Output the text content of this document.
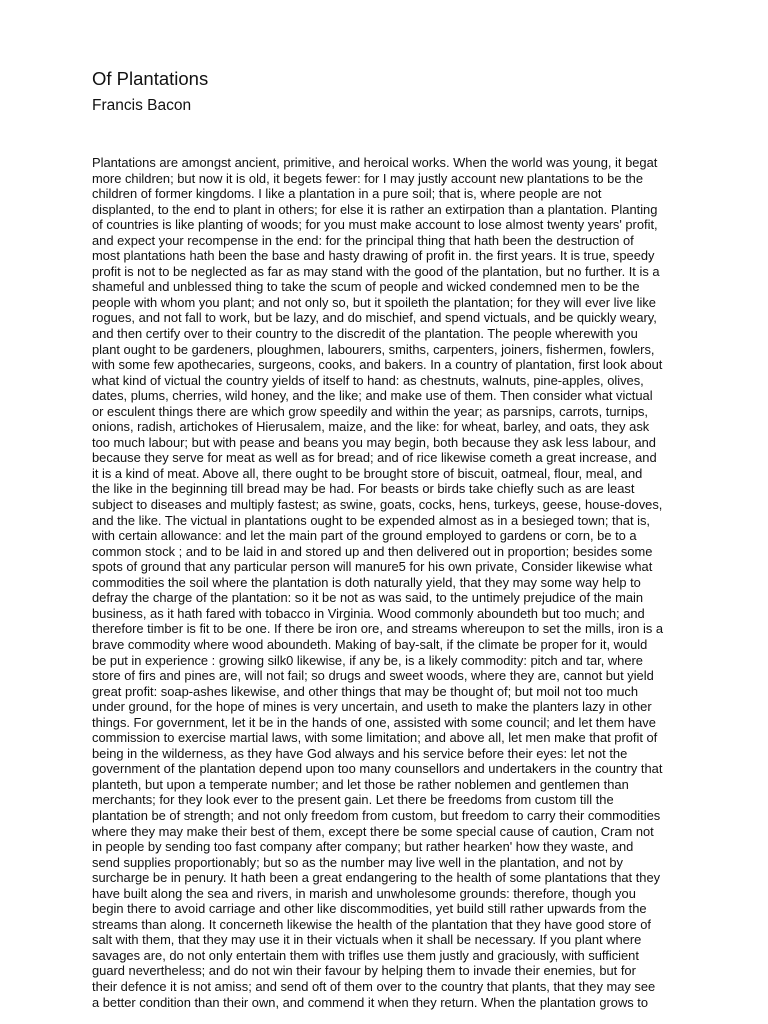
Of Plantations
Francis Bacon
Plantations are amongst ancient, primitive, and heroical works. When the world was young, it begat
more children; but now it is old, it begets fewer: for I may justly account new plantations to be the
children of former kingdoms. I like a plantation in a pure soil; that is, where people are not
displanted, to the end to plant in others; for else it is rather an extirpation than a plantation. Planting
of countries is like planting of woods; for you must make account to lose almost twenty years' profit,
and expect your recompense in the end: for the principal thing that hath been the destruction of
most plantations hath been the base and hasty drawing of profit in. the first years. It is true, speedy
profit is not to be neglected as far as may stand with the good of the plantation, but no further. It is a
shameful and unblessed thing to take the scum of people and wicked condemned men to be the
people with whom you plant; and not only so, but it spoileth the plantation; for they will ever live like
rogues, and not fall to work, but be lazy, and do mischief, and spend victuals, and be quickly weary,
and then certify over to their country to the discredit of the plantation. The people wherewith you
plant ought to be gardeners, ploughmen, labourers, smiths, carpenters, joiners, fishermen, fowlers,
with some few apothecaries, surgeons, cooks, and bakers. In a country of plantation, first look about
what kind of victual the country yields of itself to hand: as chestnuts, walnuts, pine-apples, olives,
dates, plums, cherries, wild honey, and the like; and make use of them. Then consider what victual
or esculent things there are which grow speedily and within the year; as parsnips, carrots, turnips,
onions, radish, artichokes of Hierusalem, maize, and the like: for wheat, barley, and oats, they ask
too much labour; but with pease and beans you may begin, both because they ask less labour, and
because they serve for meat as well as for bread; and of rice likewise cometh a great increase, and
it is a kind of meat. Above all, there ought to be brought store of biscuit, oatmeal, flour, meal, and
the like in the beginning till bread may be had. For beasts or birds take chiefly such as are least
subject to diseases and multiply fastest; as swine, goats, cocks, hens, turkeys, geese, house-doves,
and the like. The victual in plantations ought to be expended almost as in a besieged town; that is,
with certain allowance: and let the main part of the ground employed to gardens or corn, be to a
common stock ; and to be laid in and stored up and then delivered out in proportion; besides some
spots of ground that any particular person will manure5 for his own private, Consider likewise what
commodities the soil where the plantation is doth naturally yield, that they may some way help to
defray the charge of the plantation: so it be not as was said, to the untimely prejudice of the main
business, as it hath fared with tobacco in Virginia. Wood commonly aboundeth but too much; and
therefore timber is fit to be one. If there be iron ore, and streams whereupon to set the mills, iron is a
brave commodity where wood aboundeth. Making of bay-salt, if the climate be proper for it, would
be put in experience : growing silk0 likewise, if any be, is a likely commodity: pitch and tar, where
store of firs and pines are, will not fail; so drugs and sweet woods, where they are, cannot but yield
great profit: soap-ashes likewise, and other things that may be thought of; but moil not too much
under ground, for the hope of mines is very uncertain, and useth to make the planters lazy in other
things. For government, let it be in the hands of one, assisted with some council; and let them have
commission to exercise martial laws, with some limitation; and above all, let men make that profit of
being in the wilderness, as they have God always and his service before their eyes: let not the
government of the plantation depend upon too many counsellors and undertakers in the country that
planteth, but upon a temperate number; and let those be rather noblemen and gentlemen than
merchants; for they look ever to the present gain. Let there be freedoms from custom till the
plantation be of strength; and not only freedom from custom, but freedom to carry their commodities
where they may make their best of them, except there be some special cause of caution, Cram not
in people by sending too fast company after company; but rather hearken' how they waste, and
send supplies proportionably; but so as the number may live well in the plantation, and not by
surcharge be in penury. It hath been a great endangering to the health of some plantations that they
have built along the sea and rivers, in marish and unwholesome grounds: therefore, though you
begin there to avoid carriage and other like discommodities, yet build still rather upwards from the
streams than along. It concerneth likewise the health of the plantation that they have good store of
salt with them, that they may use it in their victuals when it shall be necessary. If you plant where
savages are, do not only entertain them with trifles use them justly and graciously, with sufficient
guard nevertheless; and do not win their favour by helping them to invade their enemies, but for
their defence it is not amiss; and send oft of them over to the country that plants, that they may see
a better condition than their own, and commend it when they return. When the plantation grows to
